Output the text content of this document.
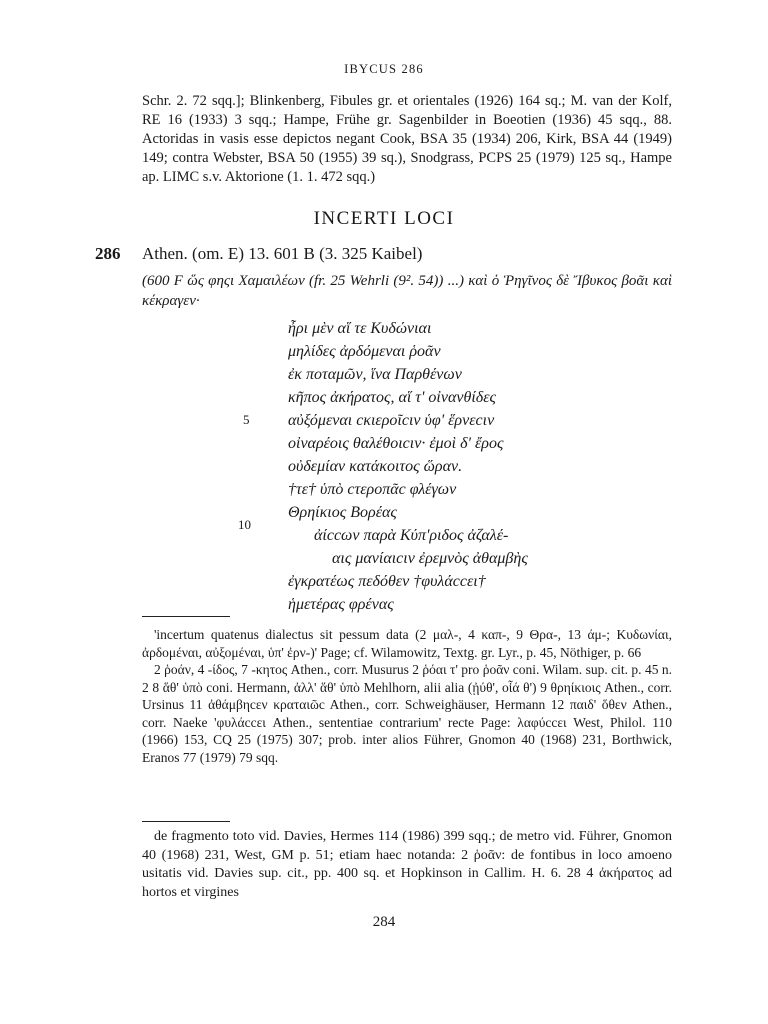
IBYCUS 286
Schr. 2. 72 sqq.]; Blinkenberg, Fibules gr. et orientales (1926) 164 sq.; M. van der Kolf, RE 16 (1933) 3 sqq.; Hampe, Frühe gr. Sagenbilder in Boeotien (1936) 45 sqq., 88. Actoridas in vasis esse depictos negant Cook, BSA 35 (1934) 206, Kirk, BSA 44 (1949) 149; contra Webster, BSA 50 (1955) 39 sq.), Snodgrass, PCPS 25 (1979) 125 sq., Hampe ap. LIMC s.v. Aktorione (1. 1. 472 sqq.)
INCERTI LOCI
286 Athen. (om. E) 13. 601 B (3. 325 Kaibel)
(600 F ὥς φηςι Χαμαιλέων (fr. 25 Wehrli (9². 54)) ...) καὶ ὁ Ῥηγῖνος δὲ Ἴβυκος βοᾶι καὶ κέκραγεν·
5
10
ἦρι μὲν αἵ τε Κυδώνιαι
μηλίδες ἀρδόμεναι ῥοᾶν
ἐκ ποταμῶν, ἵνα Παρθένων
κῆπος ἀκήρατος, αἵ τ' οἰνανθίδες
αὐξόμεναι cκιεροῖcιν ὑφ' ἕρνεcιν
οἰναρέοις θαλέθοιcιν· ἐμοὶ δ' ἔρος
οὐδεμίαν κατάκοιτος ὥραν.
†τε† ὑπὸ cτεροπᾶc φλέγων
Θρηίκιος Βορέας
ἀίccων παρὰ Κύπ'ριδος ἀζαλέ-
αις μανίαιcιν ἐρεμνὸς ἀθαμβὴς
ἐγκρατέως πεδόθεν †φυλάccει†
ἡμετέρας φρένας

'incertum quatenus dialectus sit pessum data (2 μαλ-, 4 καπ-, 9 Θρα-, 13 άμ-; Κυδωνίαι, ἀρδομέναι, αὐξομέναι, ὑπ' ἐρν-)' Page; cf. Wilamowitz, Textg. gr. Lyr., p. 45, Nöthiger, p. 66

2 ῥοάν, 4 -ίδος, 7 -κητος Athen., corr. Musurus 2 ῥόαι τ' pro ῥοᾶν coni. Wilam. sup. cit. p. 45 n. 2 8 ἅθ' ὑπὸ coni. Hermann, ἀλλ' ἅθ' ὑπὸ Mehlhorn, alii alia (ᾐύθ', οἷά θ') 9 θρηίκιοις Athen., corr. Ursinus 11 ἀθάμβηcεν κραταιῶc Athen., corr. Schweighäuser, Hermann 12 παιδ' ὅθεν Athen., corr. Naeke 'φυλάccει Athen., sententiae contrarium' recte Page: λαφύccει West, Philol. 110 (1966) 153, CQ 25 (1975) 307; prob. inter alios Führer, Gnomon 40 (1968) 231, Borthwick, Eranos 77 (1979) 79 sqq.

de fragmento toto vid. Davies, Hermes 114 (1986) 399 sqq.; de metro vid. Führer, Gnomon 40 (1968) 231, West, GM p. 51; etiam haec notanda: 2 ῥοᾶν: de fontibus in loco amoeno usitatis vid. Davies sup. cit., pp. 400 sq. et Hopkinson in Callim. H. 6. 28 4 ἀκήρατος ad hortos et virgines
284
